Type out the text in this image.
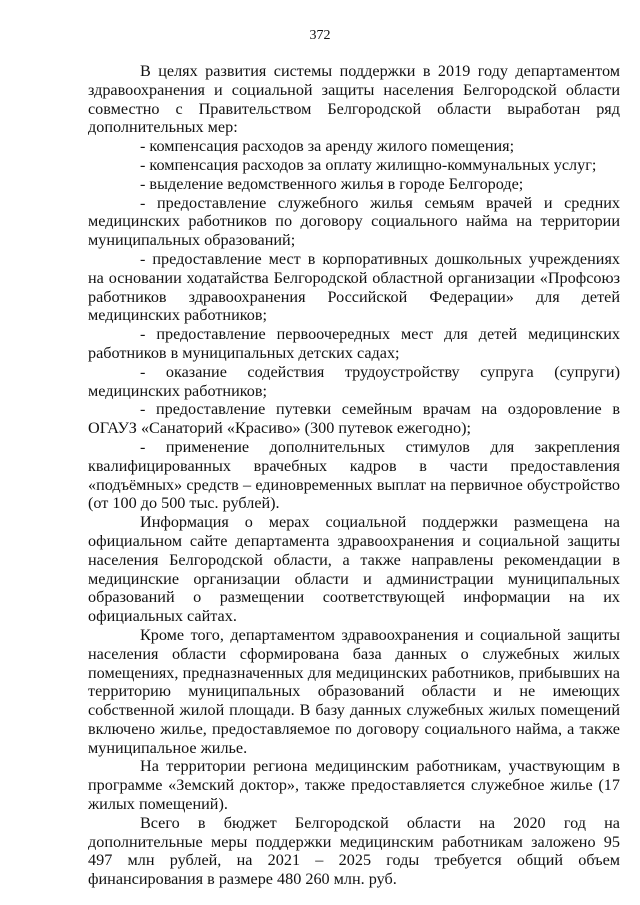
372

В целях развития системы поддержки в 2019 году департаментом здравоохранения и социальной защиты населения Белгородской области совместно с Правительством Белгородской области выработан ряд дополнительных мер:

- компенсация расходов за аренду жилого помещения;

- компенсация расходов за оплату жилищно-коммунальных услуг;

- выделение ведомственного жилья в городе Белгороде;

- предоставление служебного жилья семьям врачей и средних медицинских работников по договору социального найма на территории муниципальных образований;

- предоставление мест в корпоративных дошкольных учреждениях на основании ходатайства Белгородской областной организации «Профсоюз работников здравоохранения Российской Федерации» для детей медицинских работников;

- предоставление первоочередных мест для детей медицинских работников в муниципальных детских садах;

- оказание содействия трудоустройству супруга (супруги) медицинских работников;

- предоставление путевки семейным врачам на оздоровление в ОГАУЗ «Санаторий «Красиво» (300 путевок ежегодно);

- применение дополнительных стимулов для закрепления квалифицированных врачебных кадров в части предоставления «подъёмных» средств – единовременных выплат на первичное обустройство (от 100 до 500 тыс. рублей).

Информация о мерах социальной поддержки размещена на официальном сайте департамента здравоохранения и социальной защиты населения Белгородской области, а также направлены рекомендации в медицинские организации области и администрации муниципальных образований о размещении соответствующей информации на их официальных сайтах.

Кроме того, департаментом здравоохранения и социальной защиты населения области сформирована база данных о служебных жилых помещениях, предназначенных для медицинских работников, прибывших на территорию муниципальных образований области и не имеющих собственной жилой площади. В базу данных служебных жилых помещений включено жилье, предоставляемое по договору социального найма, а также муниципальное жилье.

На территории региона медицинским работникам, участвующим в программе «Земский доктор», также предоставляется служебное жилье (17 жилых помещений).

Всего в бюджет Белгородской области на 2020 год на дополнительные меры поддержки медицинским работникам заложено 95 497 млн рублей, на 2021 – 2025 годы требуется общий объем финансирования в размере 480 260 млн. руб.
